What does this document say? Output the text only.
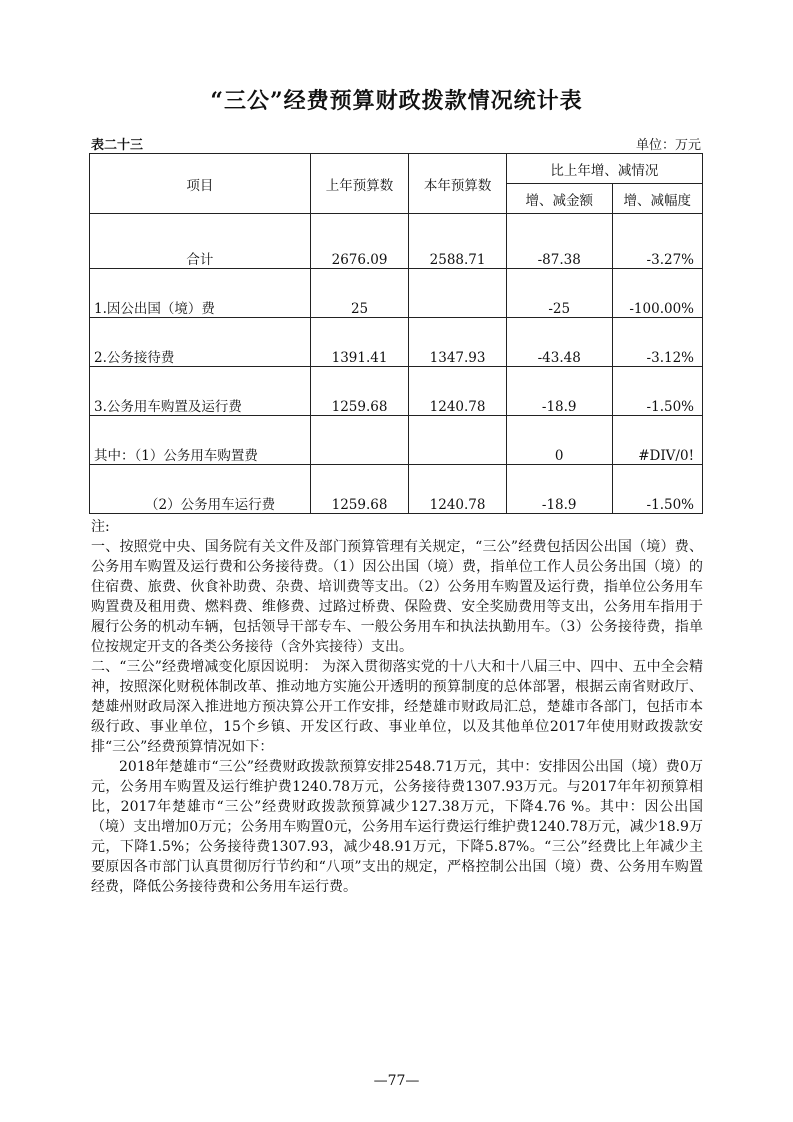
“三公”经费预算财政拨款情况统计表
表二十三	单位：万元
项目	上年预算数	本年预算数	比上年增、减情况	
			增、减金额	增、减幅度
合计	2676.09	2588.71	-87.38	-3.27%
1.因公出国（境）费	25		-25	-100.00%
2.公务接待费	1391.41	1347.93	-43.48	-3.12%
3.公务用车购置及运行费	1259.68	1240.78	-18.9	-1.50%
其中：（1）公务用车购置费			0	#DIV/0!
（2）公务用车运行费	1259.68	1240.78	-18.9	-1.50%

注:

一、按照党中央、国务院有关文件及部门预算管理有关规定，“三公”经费包括因公出国（境）费、公务用车购置及运行费和公务接待费。（1）因公出国（境）费，指单位工作人员公务出国（境）的住宿费、旅费、伙食补助费、杂费、培训费等支出。（2）公务用车购置及运行费，指单位公务用车购置费及租用费、燃料费、维修费、过路过桥费、保险费、安全奖励费用等支出，公务用车指用于履行公务的机动车辆，包括领导干部专车、一般公务用车和执法执勤用车。（3）公务接待费，指单位按规定开支的各类公务接待（含外宾接待）支出。

二、“三公”经费增减变化原因说明： 为深入贯彻落实党的十八大和十八届三中、四中、五中全会精神，按照深化财税体制改革、推动地方实施公开透明的预算制度的总体部署，根据云南省财政厅、楚雄州财政局深入推进地方预决算公开工作安排，经楚雄市财政局汇总，楚雄市各部门，包括市本级行政、事业单位，15个乡镇、开发区行政、事业单位，以及其他单位2017年使用财政拨款安排“三公”经费预算情况如下：

2018年楚雄市“三公”经费财政拨款预算安排2548.71万元，其中：安排因公出国（境）费0万元，公务用车购置及运行维护费1240.78万元，公务接待费1307.93万元。与2017年年初预算相比，2017年楚雄市“三公”经费财政拨款预算减少127.38万元，下降4.76 %。其中：因公出国（境）支出增加0万元；公务用车购置0元，公务用车运行费运行维护费1240.78万元，减少18.9万元，下降1.5%；公务接待费1307.93，减少48.91万元，下降5.87%。“三公”经费比上年减少主要原因各市部门认真贯彻厉行节约和“八项”支出的规定，严格控制公出国（境）费、公务用车购置经费，降低公务接待费和公务用车运行费。

—77—
